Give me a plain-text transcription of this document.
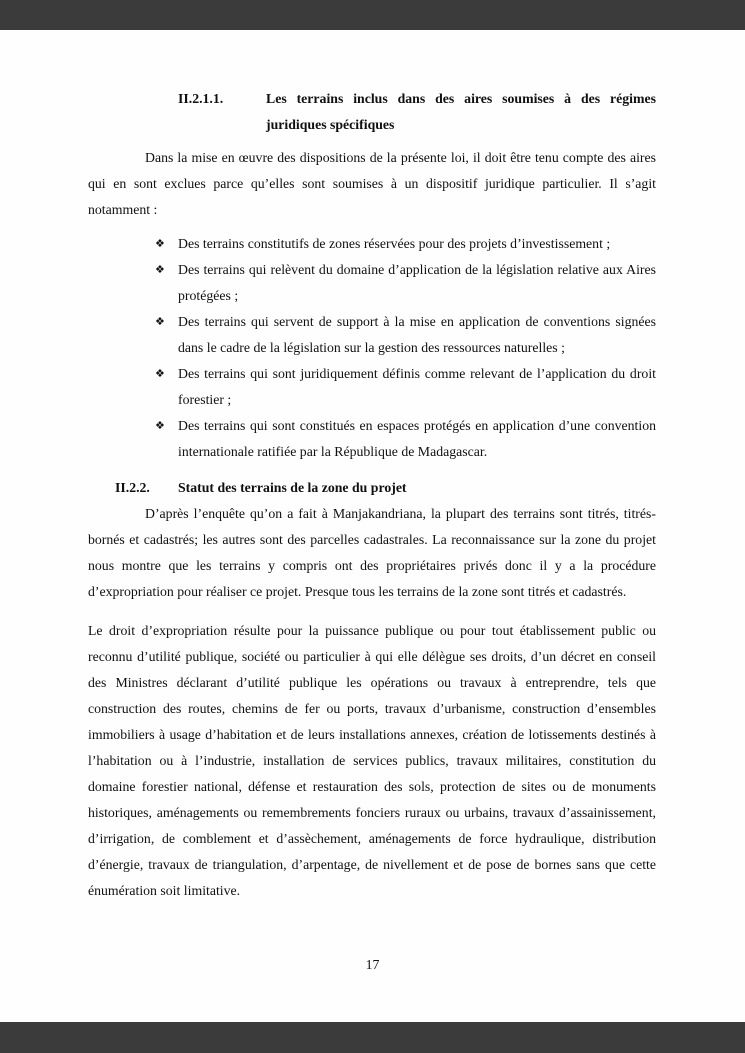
II.2.1.1.	Les terrains inclus dans des aires soumises à des régimes juridiques spécifiques

Dans la mise en œuvre des dispositions de la présente loi, il doit être tenu compte des aires qui en sont exclues parce qu’elles sont soumises à un dispositif juridique particulier. Il s’agit notamment :

❖ Des terrains constitutifs de zones réservées pour des projets d’investissement ;
❖ Des terrains qui relèvent du domaine d’application de la législation relative aux Aires protégées ;
❖ Des terrains qui servent de support à la mise en application de conventions signées dans le cadre de la législation sur la gestion des ressources naturelles ;
❖ Des terrains qui sont juridiquement définis comme relevant de l’application du droit forestier ;
❖ Des terrains qui sont constitués en espaces protégés en application d’une convention internationale ratifiée par la République de Madagascar.
II.2.2.	Statut des terrains de la zone du projet

D’après l’enquête qu’on a fait à Manjakandriana, la plupart des terrains sont titrés, titrés-bornés et cadastrés; les autres sont des parcelles cadastrales. La reconnaissance sur la zone du projet nous montre que les terrains y compris ont des propriétaires privés donc il y a la procédure d’expropriation pour réaliser ce projet. Presque tous les terrains de la zone sont titrés et cadastrés.

Le droit d’expropriation résulte pour la puissance publique ou pour tout établissement public ou reconnu d’utilité publique, société ou particulier à qui elle délègue ses droits, d’un décret en conseil des Ministres déclarant d’utilité publique les opérations ou travaux à entreprendre, tels que construction des routes, chemins de fer ou ports, travaux d’urbanisme, construction d’ensembles immobiliers à usage d’habitation et de leurs installations annexes, création de lotissements destinés à l’habitation ou à l’industrie, installation de services publics, travaux militaires, constitution du domaine forestier national, défense et restauration des sols, protection de sites ou de monuments historiques, aménagements ou remembrements fonciers ruraux ou urbains, travaux d’assainissement, d’irrigation, de comblement et d’assèchement, aménagements de force hydraulique, distribution d’énergie, travaux de triangulation, d’arpentage, de nivellement et de pose de bornes sans que cette énumération soit limitative.

17
